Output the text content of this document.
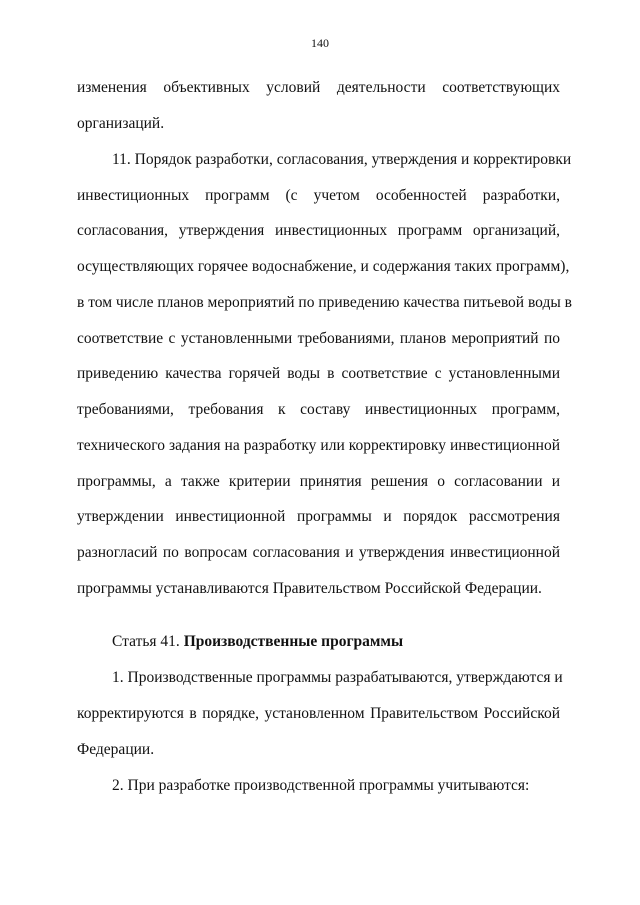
140
изменения объективных условий деятельности соответствующих
организаций.
11. Порядок разработки, согласования, утверждения и корректировки
инвестиционных программ (с учетом особенностей разработки,
согласования, утверждения инвестиционных программ организаций,
осуществляющих горячее водоснабжение, и содержания таких программ),
в том числе планов мероприятий по приведению качества питьевой воды в
соответствие с установленными требованиями, планов мероприятий по
приведению качества горячей воды в соответствие с установленными
требованиями, требования к составу инвестиционных программ,
технического задания на разработку или корректировку инвестиционной
программы, а также критерии принятия решения о согласовании и
утверждении инвестиционной программы и порядок рассмотрения
разногласий по вопросам согласования и утверждения инвестиционной
программы устанавливаются Правительством Российской Федерации.
Статья 41. Производственные программы
1. Производственные программы разрабатываются, утверждаются и
корректируются в порядке, установленном Правительством Российской
Федерации.
2. При разработке производственной программы учитываются:
